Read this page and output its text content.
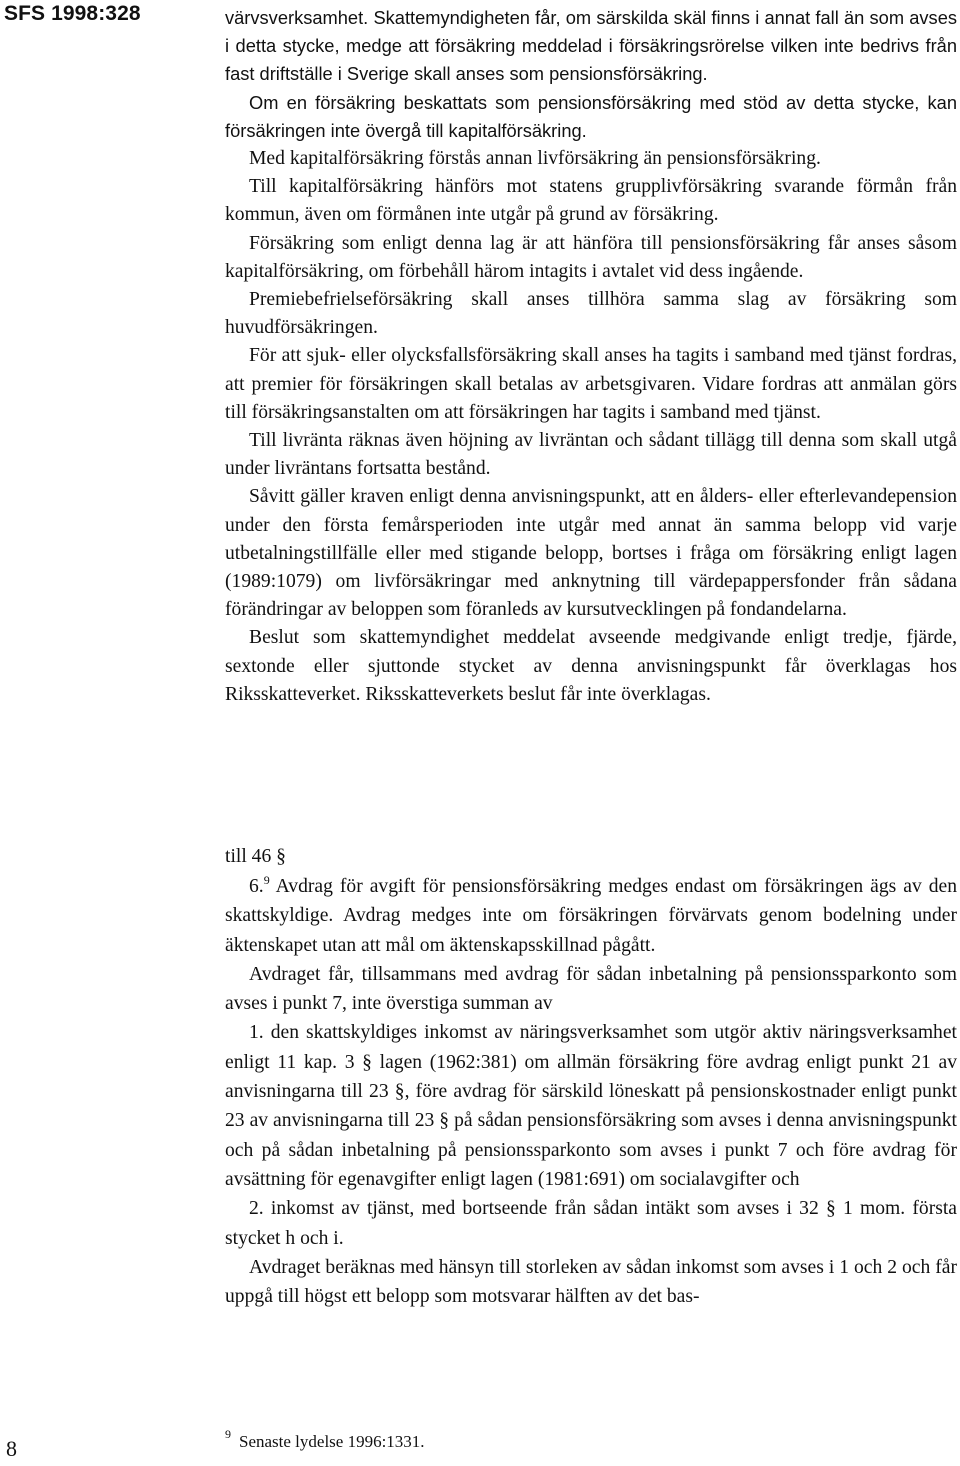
SFS 1998:328	värvsverksamhet. Skattemyndigheten får, om särskilda skäl finns i annat fall än som avses i detta stycke, medge att försäkring meddelad i försäkringsrörelse vilken inte bedrivs från fast driftställe i Sverige skall anses som pensionsförsäkring.

Om en försäkring beskattats som pensionsförsäkring med stöd av detta stycke, kan försäkringen inte övergå till kapitalförsäkring.

Med kapitalförsäkring förstås annan livförsäkring än pensionsförsäkring.

Till kapitalförsäkring hänförs mot statens grupplivförsäkring svarande förmån från kommun, även om förmånen inte utgår på grund av försäkring.

Försäkring som enligt denna lag är att hänföra till pensionsförsäkring får anses såsom kapitalförsäkring, om förbehåll härom intagits i avtalet vid dess ingående.

Premiebefrielseförsäkring skall anses tillhöra samma slag av försäkring som huvudförsäkringen.

För att sjuk- eller olycksfallsförsäkring skall anses ha tagits i samband med tjänst fordras, att premier för försäkringen skall betalas av arbetsgivaren. Vidare fordras att anmälan görs till försäkringsanstalten om att försäkringen har tagits i samband med tjänst.

Till livränta räknas även höjning av livräntan och sådant tillägg till denna som skall utgå under livräntans fortsatta bestånd.

Såvitt gäller kraven enligt denna anvisningspunkt, att en ålders- eller efterlevandepension under den första femårsperioden inte utgår med annat än samma belopp vid varje utbetalningstillfälle eller med stigande belopp, bortses i fråga om försäkring enligt lagen (1989:1079) om livförsäkringar med anknytning till värdepappersfonder från sådana förändringar av beloppen som föranleds av kursutvecklingen på fondandelarna.

Beslut som skattemyndighet meddelat avseende medgivande enligt tredje, fjärde, sextonde eller sjuttonde stycket av denna anvisningspunkt får överklagas hos Riksskatteverket. Riksskatteverkets beslut får inte överklagas.

till 46 §

6.$^9$ Avdrag för avgift för pensionsförsäkring medges endast om försäkringen ägs av den skattskyldige. Avdrag medges inte om försäkringen förvärvats genom bodelning under äktenskapet utan att mål om äktenskapsskillnad pågått.

Avdraget får, tillsammans med avdrag för sådan inbetalning på pensionssparkonto som avses i punkt 7, inte överstiga summan av

1. den skattskyldiges inkomst av näringsverksamhet som utgör aktiv näringsverksamhet enligt 11 kap. 3 § lagen (1962:381) om allmän försäkring före avdrag enligt punkt 21 av anvisningarna till 23 §, före avdrag för särskild löneskatt på pensionskostnader enligt punkt 23 av anvisningarna till 23 § på sådan pensionsförsäkring som avses i denna anvisningspunkt och på sådan inbetalning på pensionssparkonto som avses i punkt 7 och före avdrag för avsättning för egenavgifter enligt lagen (1981:691) om socialavgifter och

2. inkomst av tjänst, med bortseende från sådan intäkt som avses i 32 § 1 mom. första stycket h och i.

Avdraget beräknas med hänsyn till storleken av sådan inkomst som avses i 1 och 2 och får uppgå till högst ett belopp som motsvarar hälften av det bas-

8
$^9$ Senaste lydelse 1996:1331.
